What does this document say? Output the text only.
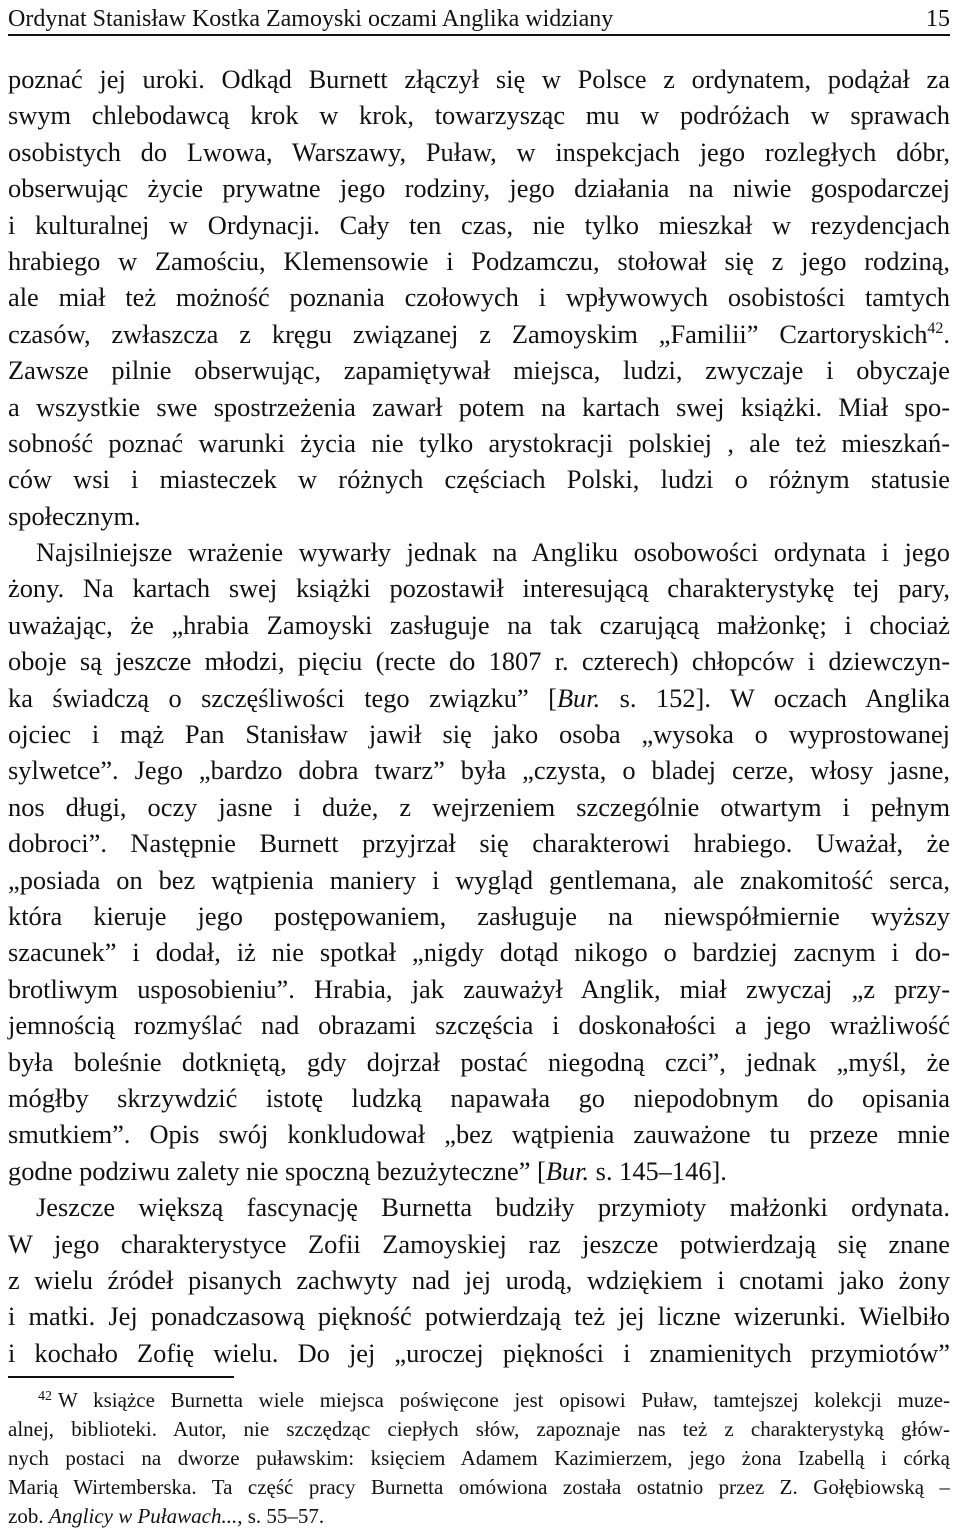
Ordynat Stanisław Kostka Zamoyski oczami Anglika widziany	15
poznać jej uroki. Odkąd Burnett złączył się w Polsce z ordynatem, podążał za
swym chlebodawcą krok w krok, towarzysząc mu w podróżach w sprawach
osobistych do Lwowa, Warszawy, Puław, w inspekcjach jego rozległych dóbr,
obserwując życie prywatne jego rodziny, jego działania na niwie gospodarczej
i kulturalnej w Ordynacji. Cały ten czas, nie tylko mieszkał w rezydencjach
hrabiego w Zamościu, Klemensowie i Podzamczu, stołował się z jego rodziną,
ale miał też możność poznania czołowych i wpływowych osobistości tamtych
czasów, zwłaszcza z kręgu związanej z Zamoyskim „Familii” Czartoryskich$^{42}$.
Zawsze pilnie obserwując, zapamiętywał miejsca, ludzi, zwyczaje i obyczaje
a wszystkie swe spostrzeżenia zawarł potem na kartach swej książki. Miał spo-
sobność poznać warunki życia nie tylko arystokracji polskiej , ale też mieszkań-
ców wsi i miasteczek w różnych częściach Polski, ludzi o różnym statusie
społecznym.
Najsilniejsze wrażenie wywarły jednak na Angliku osobowości ordynata i jego
żony. Na kartach swej książki pozostawił interesującą charakterystykę tej pary,
uważając, że „hrabia Zamoyski zasługuje na tak czarującą małżonkę; i chociaż
oboje są jeszcze młodzi, pięciu (recte do 1807 r. czterech) chłopców i dziewczyn-
ka świadczą o szczęśliwości tego związku” [Bur. s. 152]. W oczach Anglika
ojciec i mąż Pan Stanisław jawił się jako osoba „wysoka o wyprostowanej
sylwetce”. Jego „bardzo dobra twarz” była „czysta, o bladej cerze, włosy jasne,
nos długi, oczy jasne i duże, z wejrzeniem szczególnie otwartym i pełnym
dobroci”. Następnie Burnett przyjrzał się charakterowi hrabiego. Uważał, że
„posiada on bez wątpienia maniery i wygląd gentlemana, ale znakomitość serca,
która kieruje jego postępowaniem, zasługuje na niewspółmiernie wyższy
szacunek” i dodał, iż nie spotkał „nigdy dotąd nikogo o bardziej zacnym i do-
brotliwym usposobieniu”. Hrabia, jak zauważył Anglik, miał zwyczaj „z przy-
jemnością rozmyślać nad obrazami szczęścia i doskonałości a jego wrażliwość
była boleśnie dotkniętą, gdy dojrzał postać niegodną czci”, jednak „myśl, że
mógłby skrzywdzić istotę ludzką napawała go niepodobnym do opisania
smutkiem”. Opis swój konkludował „bez wątpienia zauważone tu przeze mnie
godne podziwu zalety nie spoczną bezużyteczne” [Bur. s. 145–146].
Jeszcze większą fascynację Burnetta budziły przymioty małżonki ordynata.
W jego charakterystyce Zofii Zamoyskiej raz jeszcze potwierdzają się znane
z wielu źródeł pisanych zachwyty nad jej urodą, wdziękiem i cnotami jako żony
i matki. Jej ponadczasową piękność potwierdzają też jej liczne wizerunki. Wielbiło
i kochało Zofię wielu. Do jej „uroczej piękności i znamienitych przymiotów”
$^{42}$ W książce Burnetta wiele miejsca poświęcone jest opisowi Puław, tamtejszej kolekcji muze-
alnej, biblioteki. Autor, nie szczędząc ciepłych słów, zapoznaje nas też z charakterystyką głów-
nych postaci na dworze puławskim: księciem Adamem Kazimierzem, jego żona Izabellą i córką
Marią Wirtemberska. Ta część pracy Burnetta omówiona została ostatnio przez Z. Gołębiowską –
zob. Anglicy w Puławach..., s. 55–57.
